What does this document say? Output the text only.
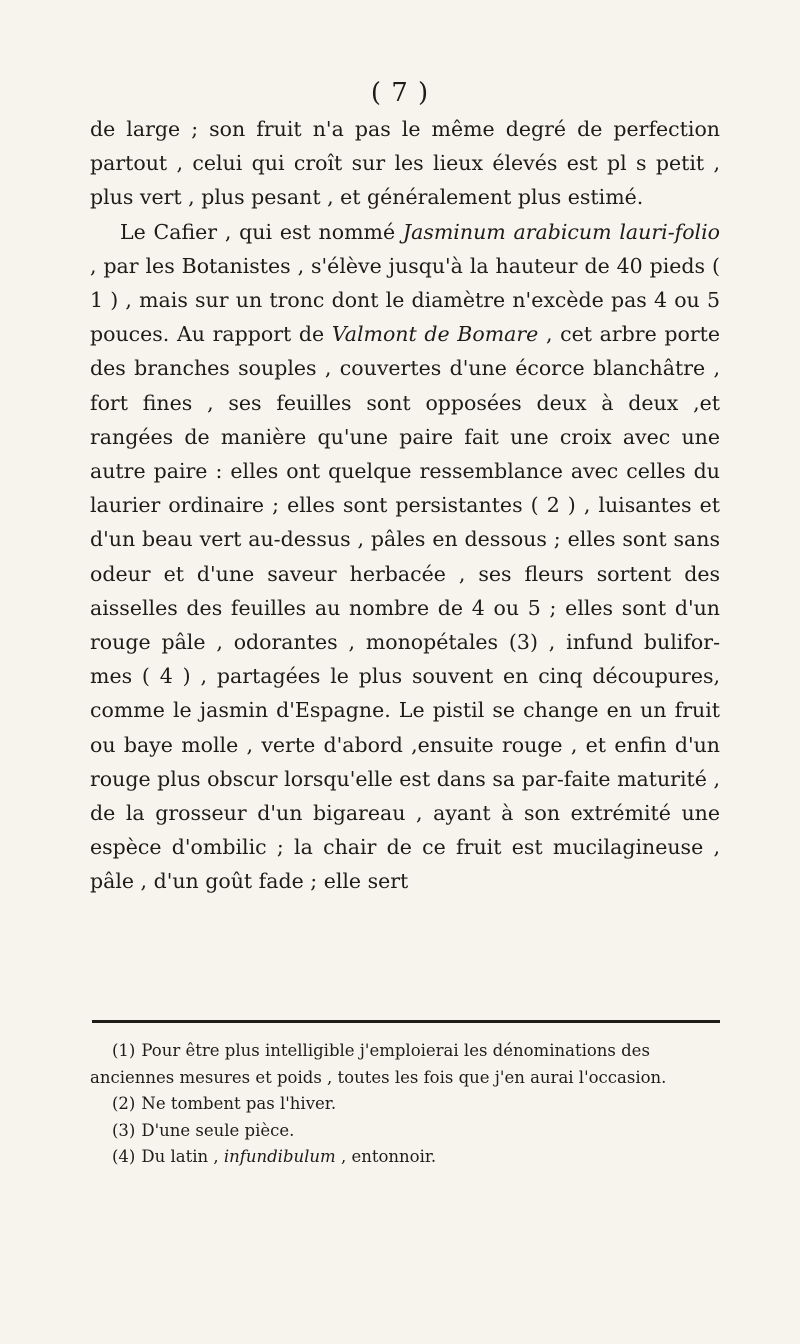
( 7 )

de large ; son fruit n'a pas le même degré de perfection partout , celui qui croît sur les lieux élevés est pl s petit , plus vert , plus pesant , et généralement plus estimé.

Le Cafier , qui est nommé Jasminum arabicum lauri-folio , par les Botanistes , s'élève jusqu'à la hauteur de 40 pieds ( 1 ) , mais sur un tronc dont le diamètre n'excède pas 4 ou 5 pouces. Au rapport de Valmont de Bomare , cet arbre porte des branches souples , couvertes d'une écorce blanchâtre , fort fines , ses feuilles sont opposées deux à deux ,et rangées de manière qu'une paire fait une croix avec une autre paire : elles ont quelque ressemblance avec celles du laurier ordinaire ; elles sont persistantes ( 2 ) , luisantes et d'un beau vert au-dessus , pâles en dessous ; elles sont sans odeur et d'une saveur herbacée , ses fleurs sortent des aisselles des feuilles au nombre de 4 ou 5 ; elles sont d'un rouge pâle , odorantes , monopétales (3) , infund bulifor-mes ( 4 ) , partagées le plus souvent en cinq découpures, comme le jasmin d'Espagne. Le pistil se change en un fruit ou baye molle , verte d'abord ,ensuite rouge , et enfin d'un rouge plus obscur lorsqu'elle est dans sa par-faite maturité , de la grosseur d'un bigareau , ayant à son extrémité une espèce d'ombilic ; la chair de ce fruit est mucilagineuse , pâle , d'un goût fade ; elle sert

(1) Pour être plus intelligible j'emploierai les dénominations des anciennes mesures et poids , toutes les fois que j'en aurai l'occasion.

(2) Ne tombent pas l'hiver.

(3) D'une seule pièce.

(4) Du latin , infundibulum , entonnoir.
